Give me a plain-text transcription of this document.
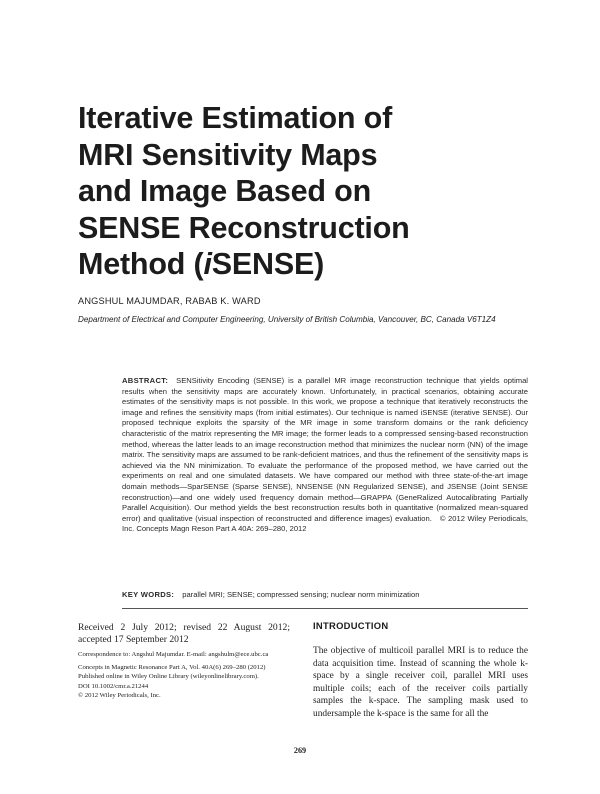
Iterative Estimation of
MRI Sensitivity Maps
and Image Based on
SENSE Reconstruction
Method (iSENSE)
ANGSHUL MAJUMDAR, RABAB K. WARD
Department of Electrical and Computer Engineering, University of British Columbia, Vancouver, BC, Canada V6T1Z4

ABSTRACT: SENSitivity Encoding (SENSE) is a parallel MR image reconstruction technique that yields optimal results when the sensitivity maps are accurately known. Unfortunately, in practical scenarios, obtaining accurate estimates of the sensitivity maps is not possible. In this work, we propose a technique that iteratively reconstructs the image and refines the sensitivity maps (from initial estimates). Our technique is named iSENSE (iterative SENSE). Our proposed technique exploits the sparsity of the MR image in some transform domains or the rank deficiency characteristic of the matrix representing the MR image; the former leads to a compressed sensing-based reconstruction method, whereas the latter leads to an image reconstruction method that minimizes the nuclear norm (NN) of the image matrix. The sensitivity maps are assumed to be rank-deficient matrices, and thus the refinement of the sensitivity maps is achieved via the NN minimization. To evaluate the performance of the proposed method, we have carried out the experiments on real and one simulated datasets. We have compared our method with three state-of-the-art image domain methods—SparSENSE (Sparse SENSE), NNSENSE (NN Regularized SENSE), and JSENSE (Joint SENSE reconstruction)—and one widely used frequency domain method—GRAPPA (GeneRalized Autocalibrating Partially Parallel Acquisition). Our method yields the best reconstruction results both in quantitative (normalized mean-squared error) and qualitative (visual inspection of reconstructed and difference images) evaluation. © 2012 Wiley Periodicals, Inc. Concepts Magn Reson Part A 40A: 269–280, 2012

KEY WORDS: parallel MRI; SENSE; compressed sensing; nuclear norm minimization

Received 2 July 2012; revised 22 August 2012; accepted 17 September 2012

Correspondence to: Angshul Majumdar. E-mail: angshulm@ece.ubc.ca

Concepts in Magnetic Resonance Part A, Vol. 40A(6) 269–280 (2012)

Published online in Wiley Online Library (wileyonlinelibrary.com).

DOI 10.1002/cmr.a.21244

© 2012 Wiley Periodicals, Inc.

INTRODUCTION

The objective of multicoil parallel MRI is to reduce the data acquisition time. Instead of scanning the whole k-space by a single receiver coil, parallel MRI uses multiple coils; each of the receiver coils partially samples the k-space. The sampling mask used to undersample the k-space is the same for all the

269
